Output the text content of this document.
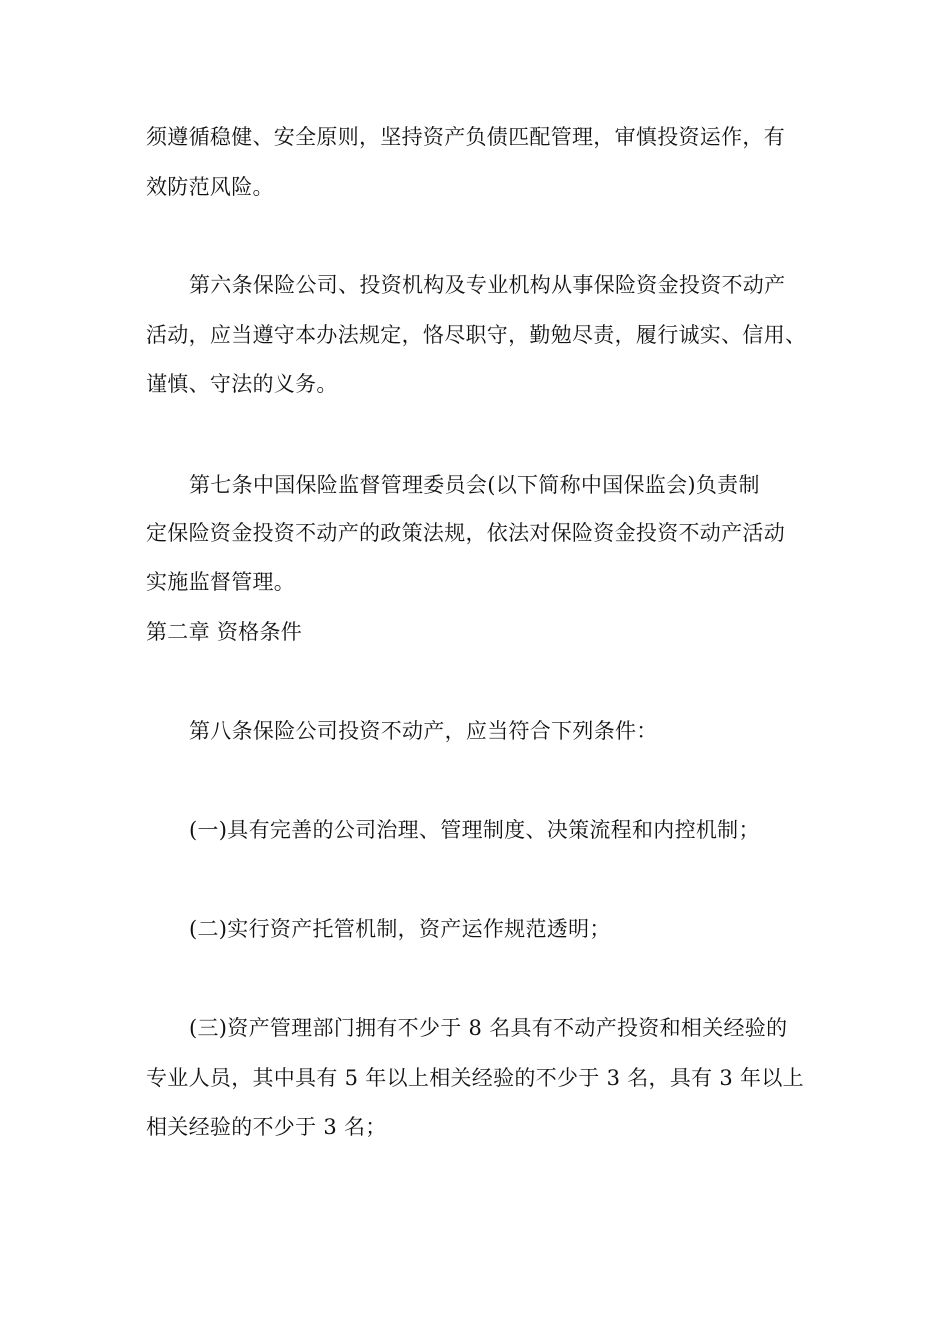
须遵循稳健、安全原则，坚持资产负债匹配管理，审慎投资运作，有
效防范风险。
第六条保险公司、投资机构及专业机构从事保险资金投资不动产
活动，应当遵守本办法规定，恪尽职守，勤勉尽责，履行诚实、信用、
谨慎、守法的义务。
第七条中国保险监督管理委员会(以下简称中国保监会)负责制
定保险资金投资不动产的政策法规，依法对保险资金投资不动产活动
实施监督管理。
第二章 资格条件
第八条保险公司投资不动产，应当符合下列条件：
(一)具有完善的公司治理、管理制度、决策流程和内控机制；
(二)实行资产托管机制，资产运作规范透明；
(三)资产管理部门拥有不少于 8 名具有不动产投资和相关经验的
专业人员，其中具有 5 年以上相关经验的不少于 3 名，具有 3 年以上
相关经验的不少于 3 名；
